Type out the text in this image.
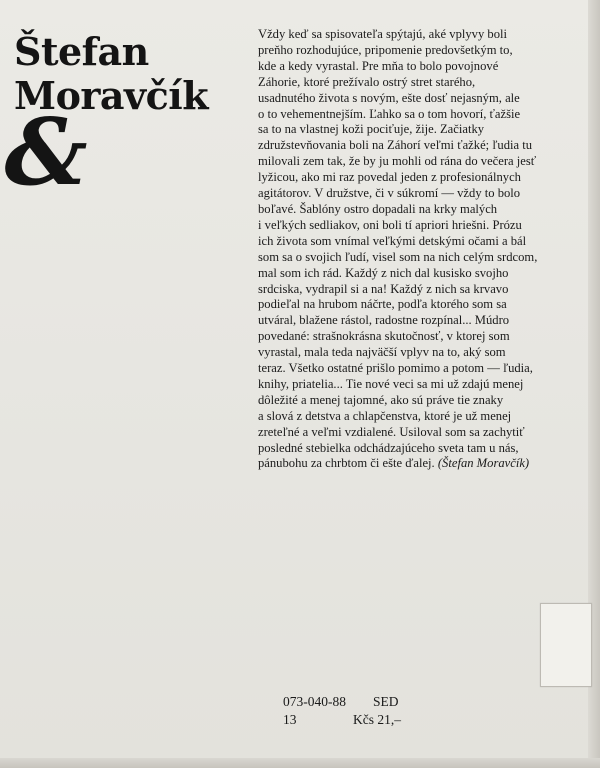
Štefan
Moravčík
&
Vždy keď sa spisovateľa spýtajú, aké vplyvy boli
preňho rozhodujúce, pripomenie predovšetkým to,
kde a kedy vyrastal. Pre mňa to bolo povojnové
Záhorie, ktoré prežívalo ostrý stret starého,
usadnutého života s novým, ešte dosť nejasným, ale
o to vehementnejším. Ľahko sa o tom hovorí, ťažšie
sa to na vlastnej koži pociťuje, žije. Začiatky
združstevňovania boli na Záhorí veľmi ťažké; ľudia tu
milovali zem tak, že by ju mohli od rána do večera jesť
lyžicou, ako mi raz povedal jeden z profesionálnych
agitátorov. V družstve, či v súkromí — vždy to bolo
boľavé. Šablóny ostro dopadali na krky malých
i veľkých sedliakov, oni boli tí apriori hriešni. Prózu
ich života som vnímal veľkými detskými očami a bál
som sa o svojich ľudí, visel som na nich celým srdcom,
mal som ich rád. Každý z nich dal kusisko svojho
srdciska, vydrapil si a na! Každý z nich sa krvavo
podieľal na hrubom náčrte, podľa ktorého som sa
utváral, blažene rástol, radostne rozpínal... Múdro
povedané: strašnokrásna skutočnosť, v ktorej som
vyrastal, mala teda najväčší vplyv na to, aký som
teraz. Všetko ostatné prišlo pomimo a potom — ľudia,
knihy, priatelia... Tie nové veci sa mi už zdajú menej
dôležité a menej tajomné, ako sú práve tie znaky
a slová z detstva a chlapčenstva, ktoré je už menej
zreteľné a veľmi vzdialené. Usiloval som sa zachytiť
posledné stebielka odchádzajúceho sveta tam u nás,
pánubohu za chrbtom či ešte ďalej. (Štefan Moravčík)
073-040-88 SED
13	Kčs 21,–
